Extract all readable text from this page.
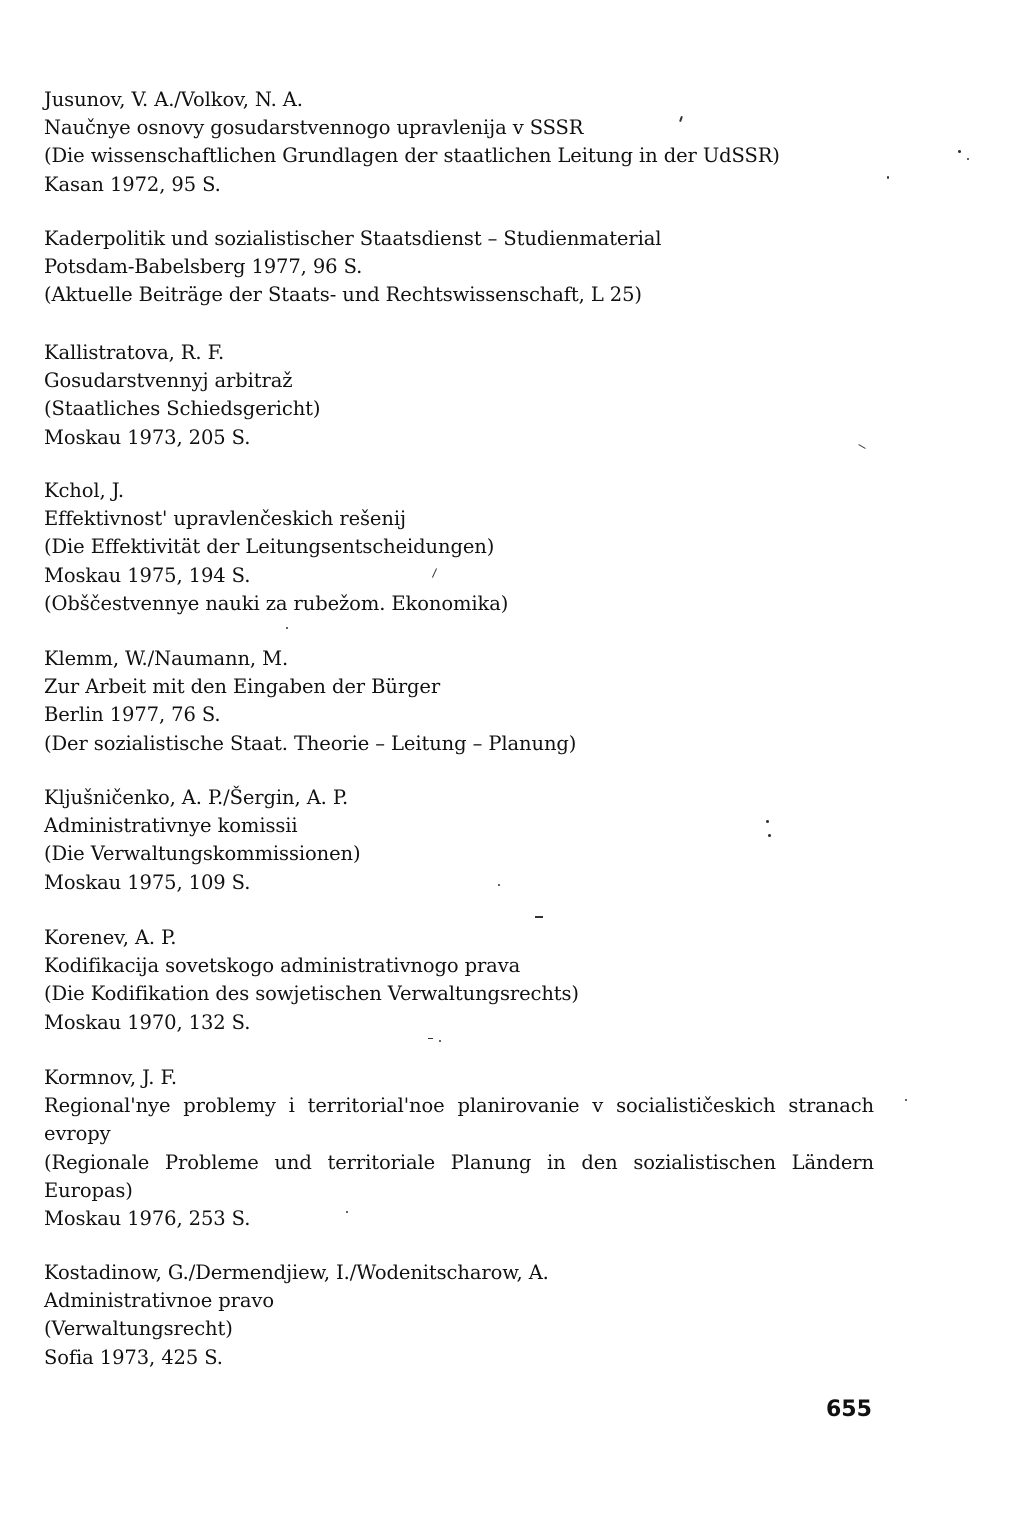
Jusunov, V. A./Volkov, N. A.
Naučnye osnovy gosudarstvennogo upravlenija v SSSR
(Die wissenschaftlichen Grundlagen der staatlichen Leitung in der UdSSR)
Kasan 1972, 95 S.
Kaderpolitik und sozialistischer Staatsdienst – Studienmaterial
Potsdam-Babelsberg 1977, 96 S.
(Aktuelle Beiträge der Staats- und Rechtswissenschaft, L 25)
Kallistratova, R. F.
Gosudarstvennyj arbitraž
(Staatliches Schiedsgericht)
Moskau 1973, 205 S.
Kchol, J.
Effektivnost' upravlenčeskich rešenij
(Die Effektivität der Leitungsentscheidungen)
Moskau 1975, 194 S.
(Obščestvennye nauki za rubežom. Ekonomika)
Klemm, W./Naumann, M.
Zur Arbeit mit den Eingaben der Bürger
Berlin 1977, 76 S.
(Der sozialistische Staat. Theorie – Leitung – Planung)
Kljušničenko, A. P./Šergin, A. P.
Administrativnye komissii
(Die Verwaltungskommissionen)
Moskau 1975, 109 S.
Korenev, A. P.
Kodifikacija sovetskogo administrativnogo prava
(Die Kodifikation des sowjetischen Verwaltungsrechts)
Moskau 1970, 132 S.
Kormnov, J. F.
Regional'nye problemy i territorial'noe planirovanie v socialističeskich stranach
evropy
(Regionale Probleme und territoriale Planung in den sozialistischen Ländern
Europas)
Moskau 1976, 253 S.
Kostadinow, G./Dermendjiew, I./Wodenitscharow, A.
Administrativnoe pravo
(Verwaltungsrecht)
Sofia 1973, 425 S.
655
